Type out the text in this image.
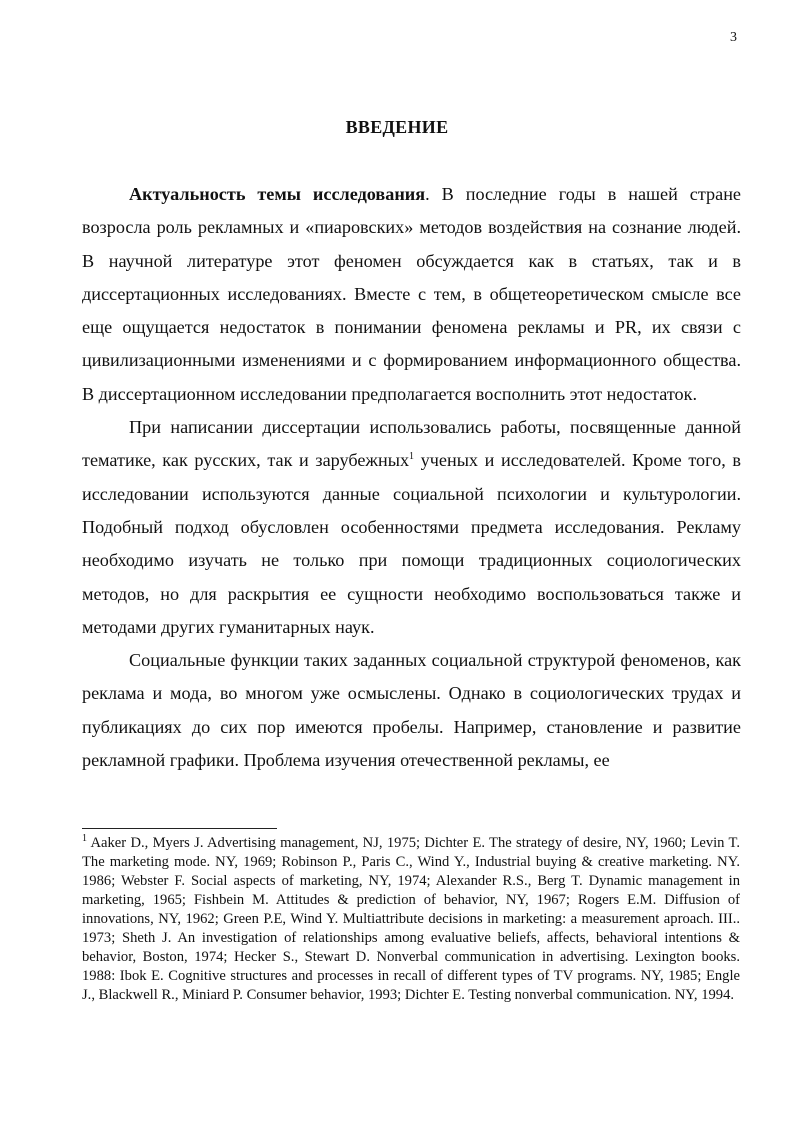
3
ВВЕДЕНИЕ

Актуальность темы исследования. В последние годы в нашей стране возросла роль рекламных и «пиаровских» методов воздействия на сознание людей. В научной литературе этот феномен обсуждается как в статьях, так и в диссертационных исследованиях. Вместе с тем, в общетеоретическом смысле все еще ощущается недостаток в понимании феномена рекламы и PR, их связи с цивилизационными изменениями и с формированием информационного общества. В диссертационном исследовании предполагается восполнить этот недостаток.

При написании диссертации использовались работы, посвященные данной тематике, как русских, так и зарубежных$^1$ ученых и исследователей. Кроме того, в исследовании используются данные социальной психологии и культурологии. Подобный подход обусловлен особенностями предмета исследования. Рекламу необходимо изучать не только при помощи традиционных социологических методов, но для раскрытия ее сущности необходимо воспользоваться также и методами других гуманитарных наук.

Социальные функции таких заданных социальной структурой феноменов, как реклама и мода, во многом уже осмыслены. Однако в социологических трудах и публикациях до сих пор имеются пробелы. Например, становление и развитие рекламной графики. Проблема изучения отечественной рекламы, ее

$^1$ Aaker D., Myers J. Advertising management, NJ, 1975; Dichter E. The strategy of desire, NY, 1960; Levin T. The marketing mode. NY, 1969; Robinson P., Paris C., Wind Y., Industrial buying & creative marketing. NY. 1986; Webster F. Social aspects of marketing, NY, 1974; Alexander R.S., Berg T. Dynamic management in marketing, 1965; Fishbein M. Attitudes & prediction of behavior, NY, 1967; Rogers E.M. Diffusion of innovations, NY, 1962; Green P.E, Wind Y. Multiattribute decisions in marketing: a measurement aproach. III.. 1973; Sheth J. An investigation of relationships among evaluative beliefs, affects, behavioral intentions & behavior, Boston, 1974; Hecker S., Stewart D. Nonverbal communication in advertising. Lexington books. 1988: Ibok E. Cognitive structures and processes in recall of different types of TV programs. NY, 1985; Engle J., Blackwell R., Miniard P. Consumer behavior, 1993; Dichter E. Testing nonverbal communication. NY, 1994.
